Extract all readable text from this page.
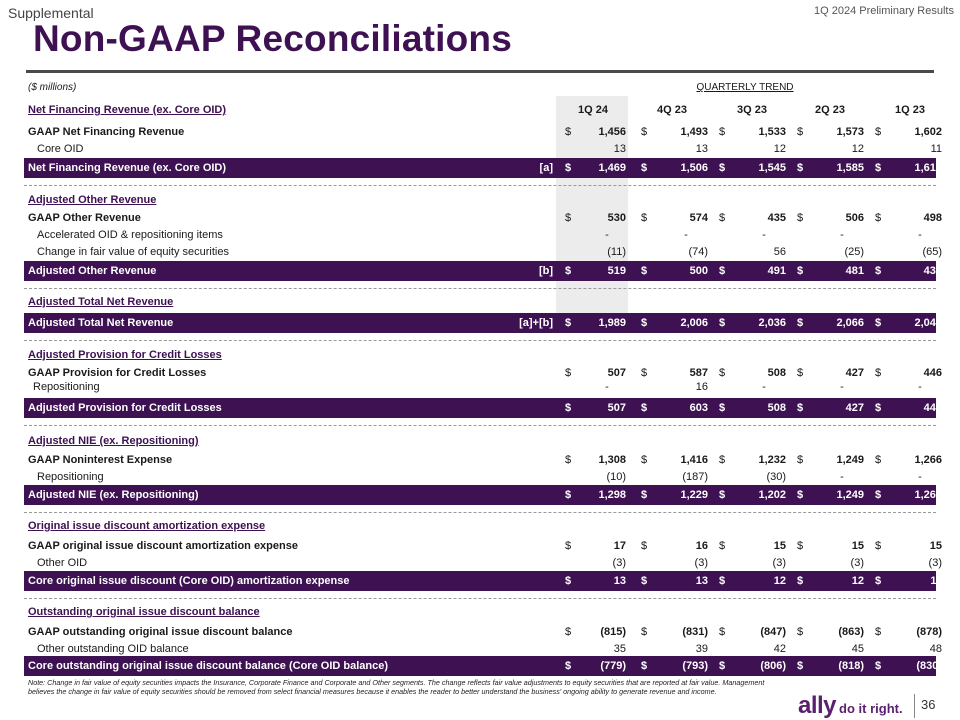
Supplemental	1Q 2024 Preliminary Results
Non-GAAP Reconciliations
($ millions)	QUARTERLY TREND
Net Financing Revenue (ex. Core OID)	1Q 24	4Q 23	3Q 23	2Q 23	1Q 23
GAAP Net Financing Revenue	$	1,456 $	1,493 $	1,533 $	1,573 $	1,602
Core OID	13	13	12	12	11
Net Financing Revenue (ex. Core OID)	[a] $	1,469 $	1,506 $	1,545 $	1,585 $	1,613
Adjusted Other Revenue
GAAP Other Revenue	$	530 $	574 $	435 $	506 $	498
Accelerated OID & repositioning items	-	-	-	-	-
Change in fair value of equity securities	(11)	(74)	56	(25)	(65)
Adjusted Other Revenue	[b] $	519 $	500 $	491 $	481 $	433
Adjusted Total Net Revenue
Adjusted Total Net Revenue	[a]+[b] $	1,989 $	2,006 $	2,036 $	2,066 $	2,047
Adjusted Provision for Credit Losses
GAAP Provision for Credit Losses	$	507 $	587 $	508 $	427 $	446
Repositioning	-	16	-	-	-
Adjusted Provision for Credit Losses	$	507 $	603 $	508 $	427 $	446
Adjusted NIE (ex. Repositioning)
GAAP Noninterest Expense	$	1,308 $	1,416 $	1,232 $	1,249 $	1,266
Repositioning	(10)	(187)	(30)	-	-
Adjusted NIE (ex. Repositioning)	$	1,298 $	1,229 $	1,202 $	1,249 $	1,266
Original issue discount amortization expense
GAAP original issue discount amortization expense	$	17 $	16 $	15 $	15 $	15
Other OID	(3)	(3)	(3)	(3)	(3)
Core original issue discount (Core OID) amortization expense	$	13 $	13 $	12 $	12 $	11
Outstanding original issue discount balance
GAAP outstanding original issue discount balance	$	(815) $	(831) $	(847) $	(863) $	(878)
Other outstanding OID balance	35	39	42	45	48
Core outstanding original issue discount balance (Core OID balance)	$	(779) $	(793) $	(806) $	(818) $	(830)
Note: Change in fair value of equity securities impacts the Insurance, Corporate Finance and Corporate and Other segments. The change reflects fair value adjustments to equity securities that are reported at fair value. Management believes the change in fair value of equity securities should be removed from select financial measures because it enables the reader to better understand the business' ongoing ability to generate revenue and income.
ally do it right. 36
